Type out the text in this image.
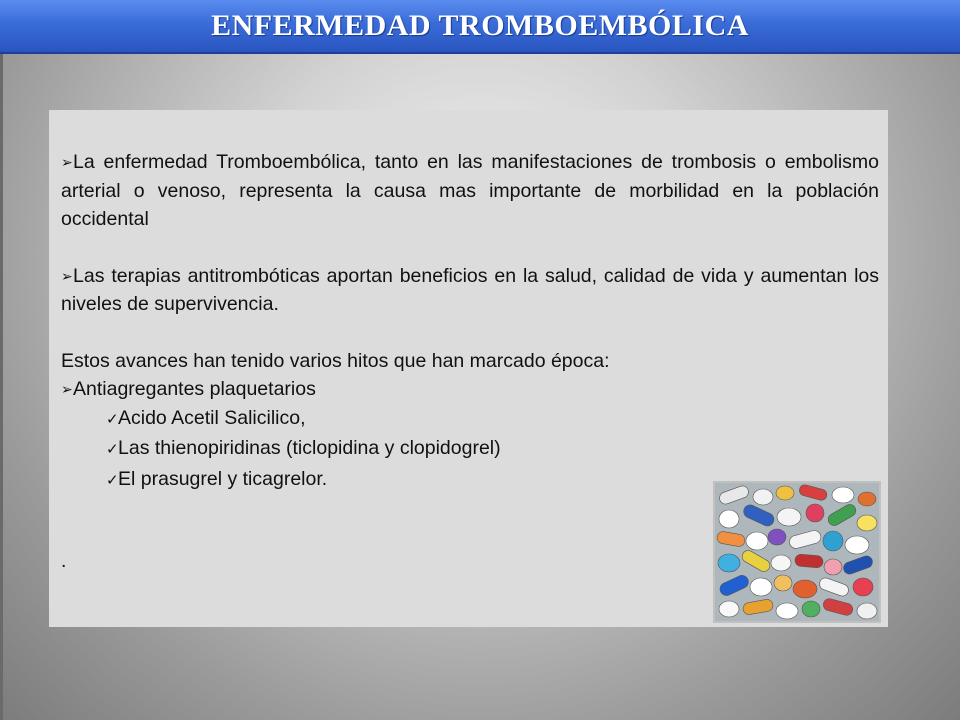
ENFERMEDAD TROMBOEMBÓLICA

➢La enfermedad Tromboembólica, tanto en las manifestaciones de trombosis o embolismo arterial o venoso, representa la causa mas importante de morbilidad en la población occidental

➢Las terapias antitrombóticas aportan beneficios en la salud, calidad de vida y aumentan los niveles de supervivencia.

Estos avances han tenido varios hitos que han marcado época:

➢Antiagregantes plaquetarios

✓Acido Acetil Salicilico,

✓Las thienopiridinas (ticlopidina y clopidogrel)

✓El prasugrel y ticagrelor.

.
